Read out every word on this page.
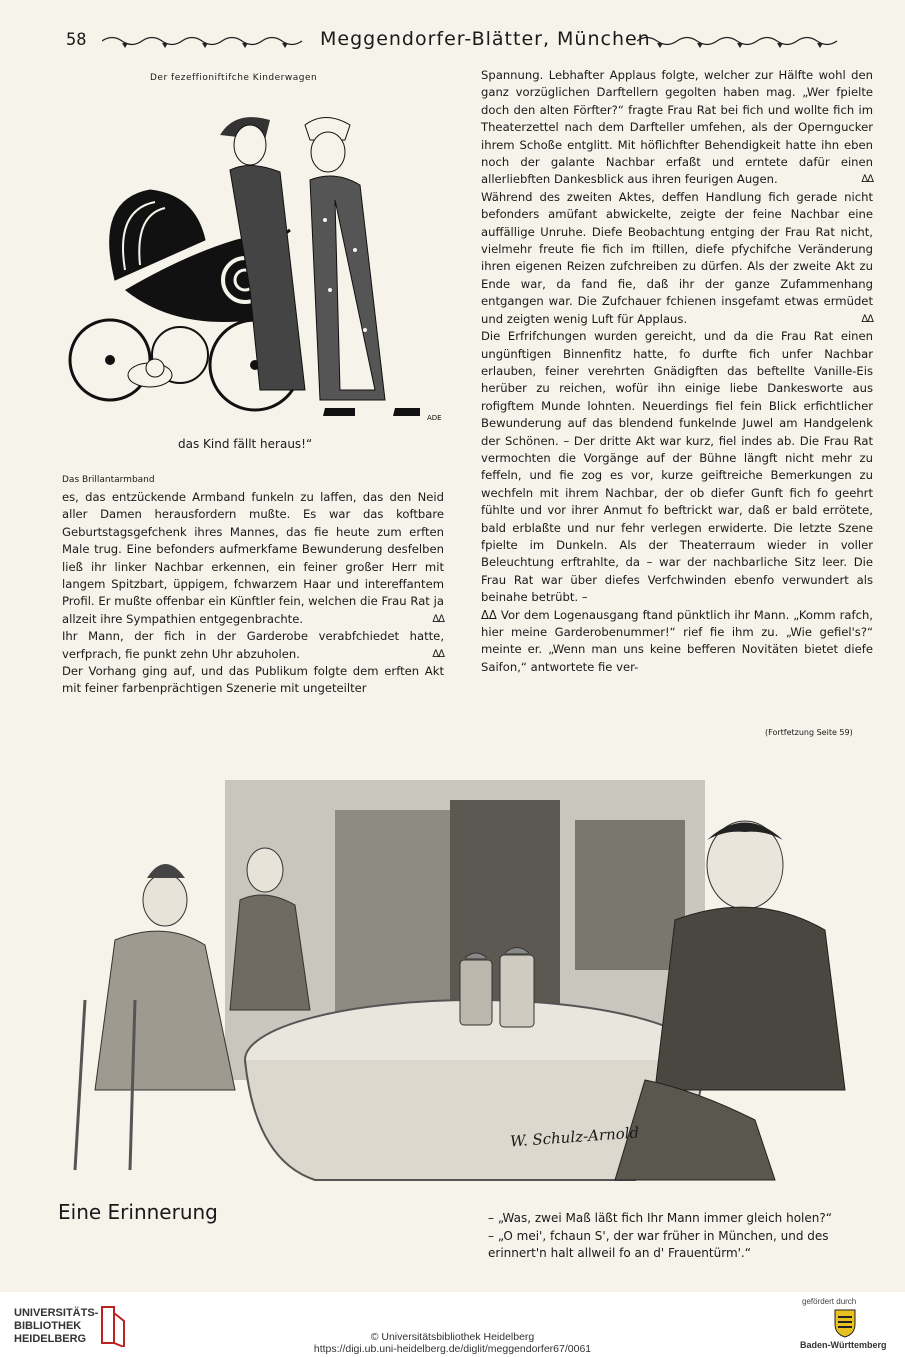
58	Meggendorfer-Blätter, München
Der fezeffioniftifche Kinderwagen
ADE
das Kind fällt heraus!“
Das Brillantarmband

es, das entzückende Armband funkeln zu laffen, das den Neid aller Damen herausfordern mußte. Es war das koftbare Geburtstagsgefchenk ihres Mannes, das fie heute zum erften Male trug. Eine befonders aufmerkfame Bewunderung desfelben ließ ihr linker Nachbar erkennen, ein feiner großer Herr mit langem Spitzbart, üppigem, fchwarzem Haar und intereffantem Profil. Er mußte offenbar ein Künftler fein, welchen die Frau Rat ja allzeit ihre Sympathien entgegenbrachte.	ᐃᐃ

Ihr Mann, der fich in der Garderobe verabfchiedet hatte, verfprach, fie punkt zehn Uhr abzuholen.	ᐃᐃ

Der Vorhang ging auf, und das Publikum folgte dem erften Akt mit feiner farbenprächtigen Szenerie mit ungeteilter

Spannung. Lebhafter Applaus folgte, welcher zur Hälfte wohl den ganz vorzüglichen Darftellern gegolten haben mag. „Wer fpielte doch den alten Förfter?“ fragte Frau Rat bei fich und wollte fich im Theaterzettel nach dem Darfteller umfehen, als der Operngucker ihrem Schoße entglitt. Mit höflichfter Behendigkeit hatte ihn eben noch der galante Nachbar erfaßt und erntete dafür einen allerliebften Dankesblick aus ihren feurigen Augen.	ᐃᐃ

Während des zweiten Aktes, deffen Handlung fich gerade nicht befonders amüfant abwickelte, zeigte der feine Nachbar eine auffällige Unruhe. Diefe Beobachtung entging der Frau Rat nicht, vielmehr freute fie fich im ftillen, diefe pfychifche Veränderung ihren eigenen Reizen zufchreiben zu dürfen. Als der zweite Akt zu Ende war, da fand fie, daß ihr der ganze Zufammenhang entgangen war. Die Zufchauer fchienen insgefamt etwas ermüdet und zeigten wenig Luft für Applaus.	ᐃᐃ

Die Erfrifchungen wurden gereicht, und da die Frau Rat einen ungünftigen Binnenfitz hatte, fo durfte fich unfer Nachbar erlauben, feiner verehrten Gnädigften das beftellte Vanille-Eis herüber zu reichen, wofür ihn einige liebe Dankesworte aus rofigftem Munde lohnten. Neuerdings fiel fein Blick erfichtlicher Bewunderung auf das blendend funkelnde Juwel am Handgelenk der Schönen. – Der dritte Akt war kurz, fiel indes ab. Die Frau Rat vermochten die Vorgänge auf der Bühne längft nicht mehr zu feffeln, und fie zog es vor, kurze geiftreiche Bemerkungen zu wechfeln mit ihrem Nachbar, der ob diefer Gunft fich fo geehrt fühlte und vor ihrer Anmut fo beftrickt war, daß er bald errötete, bald erblaßte und nur fehr verlegen erwiderte. Die letzte Szene fpielte im Dunkeln. Als der Theaterraum wieder in voller Beleuchtung erftrahlte, da – war der nachbarliche Sitz leer. Die Frau Rat war über diefes Verfchwinden ebenfo verwundert als beinahe betrübt. –

ᐃᐃ Vor dem Logenausgang ftand pünktlich ihr Mann. „Komm rafch, hier meine Garderobenummer!“ rief fie ihm zu. „Wie gefiel's?“ meinte er. „Wenn man uns keine befferen Novitäten bietet diefe Saifon,“ antwortete fie ver-

(Fortfetzung Seite 59)
W. Schulz-Arnold
Eine Erinnerung	– „Was, zwei Maß läßt fich Ihr Mann immer gleich holen?“

– „O mei', fchaun S', der war früher in München, und des erinnert'n halt allweil fo an d' Frauentürm'.“

UNIVERSITÄTS-
BIBLIOTHEK
HEIDELBERG	© Universitätsbibliothek Heidelberg
https://digi.ub.uni-heidelberg.de/diglit/meggendorfer67/0061
gefördert durch
Baden-Württemberg
